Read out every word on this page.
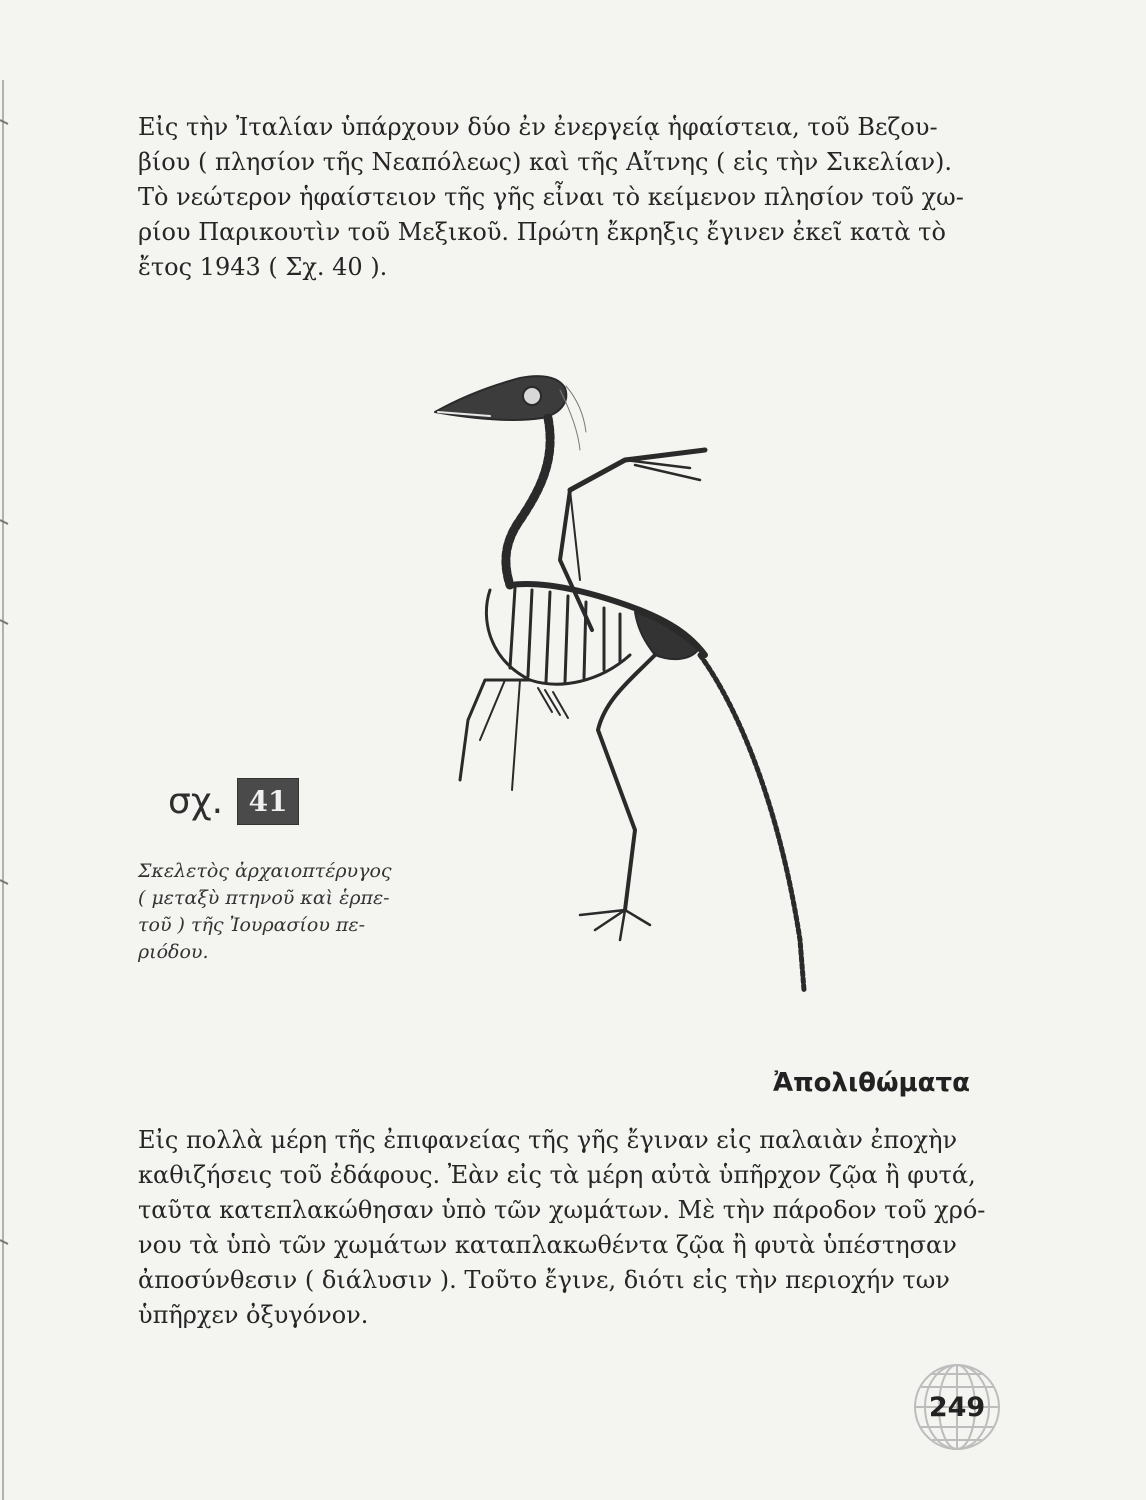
Εἰς τὴν Ἰταλίαν ὑπάρχουν δύο ἐν ἐνεργείᾳ ἡφαίστεια, τοῦ Βεζου-
βίου ( πλησίον τῆς Νεαπόλεως) καὶ τῆς Αἴτνης ( εἰς τὴν Σικελίαν).
Τὸ νεώτερον ἡφαίστειον τῆς γῆς εἶναι τὸ κείμενον πλησίον τοῦ χω-
ρίου Παρικουτὶν τοῦ Μεξικοῦ. Πρώτη ἔκρηξις ἔγινεν ἐκεῖ κατὰ τὸ
ἔτος 1943 ( Σχ. 40 ).

σχ. 41
Σκελετὸς ἀρχαιοπτέρυγος
( μεταξὺ πτηνοῦ καὶ ἑρπε-
τοῦ ) τῆς Ἰουρασίου πε-
ριόδου.
Ἀπολιθώματα

Εἰς πολλὰ μέρη τῆς ἐπιφανείας τῆς γῆς ἔγιναν εἰς παλαιὰν ἐποχὴν
καθιζήσεις τοῦ ἐδάφους. Ἐὰν εἰς τὰ μέρη αὐτὰ ὑπῆρχον ζῷα ἢ φυτά,
ταῦτα κατεπλακώθησαν ὑπὸ τῶν χωμάτων. Μὲ τὴν πάροδον τοῦ χρό-
νου τὰ ὑπὸ τῶν χωμάτων καταπλακωθέντα ζῷα ἢ φυτὰ ὑπέστησαν
ἀποσύνθεσιν ( διάλυσιν ). Τοῦτο ἔγινε, διότι εἰς τὴν περιοχήν των
ὑπῆρχεν ὀξυγόνον.

249
